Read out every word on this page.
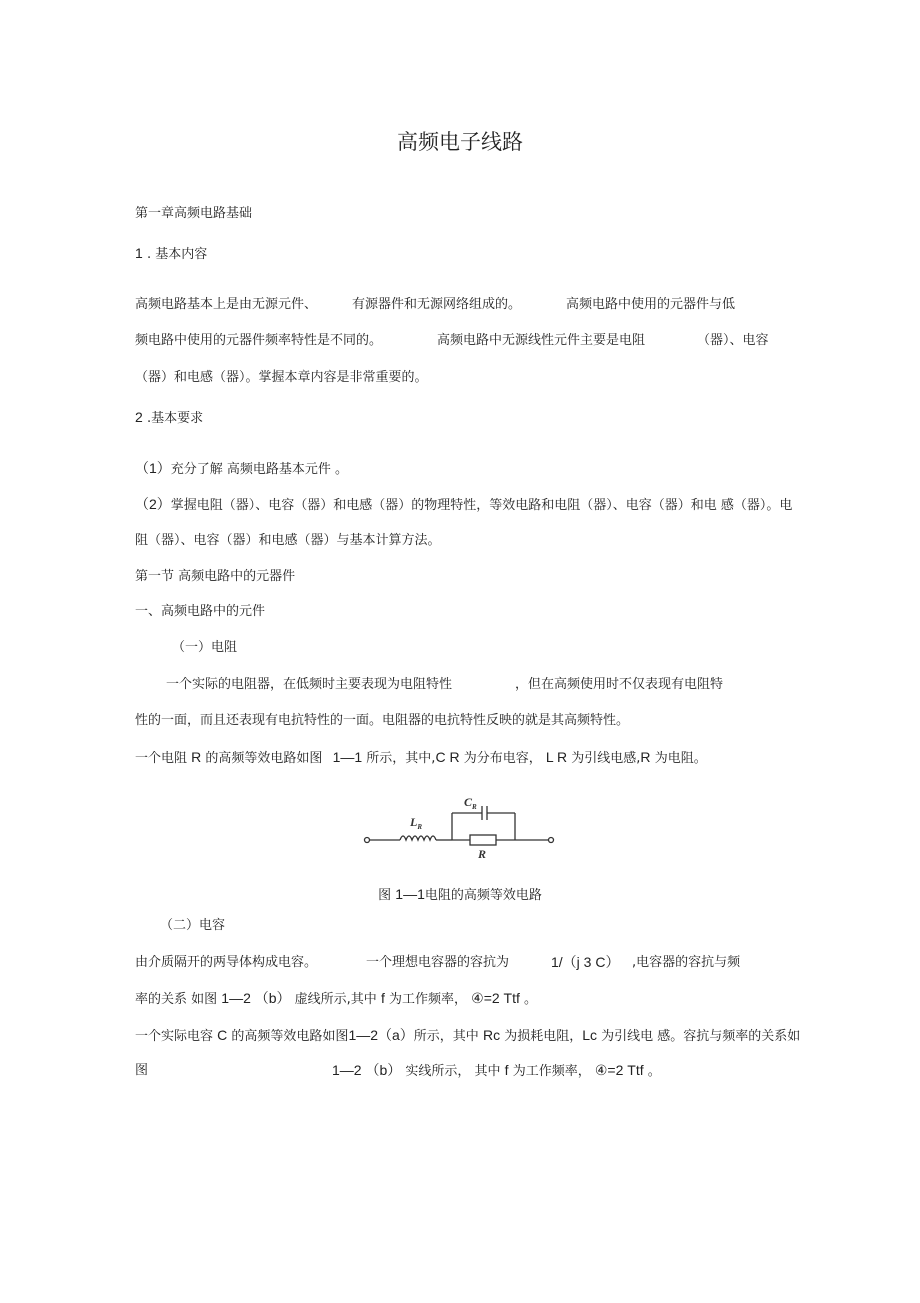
高频电子线路
第一章高频电路基础
1 . 基本内容
高频电路基本上是由无源元件、	有源器件和无源网络组成的。	高频电路中使用的元器件与低
频电路中使用的元器件频率特性是不同的。	高频电路中无源线性元件主要是电阻	（器）、电容
（器）和电感（器）。掌握本章内容是非常重要的。
2 .基本要求
（1）充分了解 高频电路基本元件 。
（2）掌握电阻（器）、电容（器）和电感（器）的物理特性，等效电路和电阻（器）、电容（器）和电 感（器）。电
阻（器）、电容（器）和电感（器）与基本计算方法。
第一节 高频电路中的元器件
一、高频电路中的元件
（一）电阻
一个实际的电阻器，在低频时主要表现为电阻特性	，但在高频使用时不仅表现有电阻特
性的一面，而且还表现有电抗特性的一面。电阻器的电抗特性反映的就是其高频特性。
一个电阻 R 的高频等效电路如图 1—1 所示，其中,C R 为分布电容， L R 为引线电感,R 为电阻。
$C_R$
$L_R$
R
图 1—1电阻的高频等效电路
（二）电容
由介质隔开的两导体构成电容。	一个理想电容器的容抗为	1/（j 3 C） ,电容器的容抗与频
率的关系 如图 1—2 （b） 虚线所示,其中 f 为工作频率， ④=2 Ttf 。
一个实际电容 C 的高频等效电路如图1—2（a）所示，其中 Rc 为损耗电阻，Lc 为引线电 感。容抗与频率的关系如
图	1—2 （b） 实线所示， 其中 f 为工作频率， ④=2 Ttf 。
